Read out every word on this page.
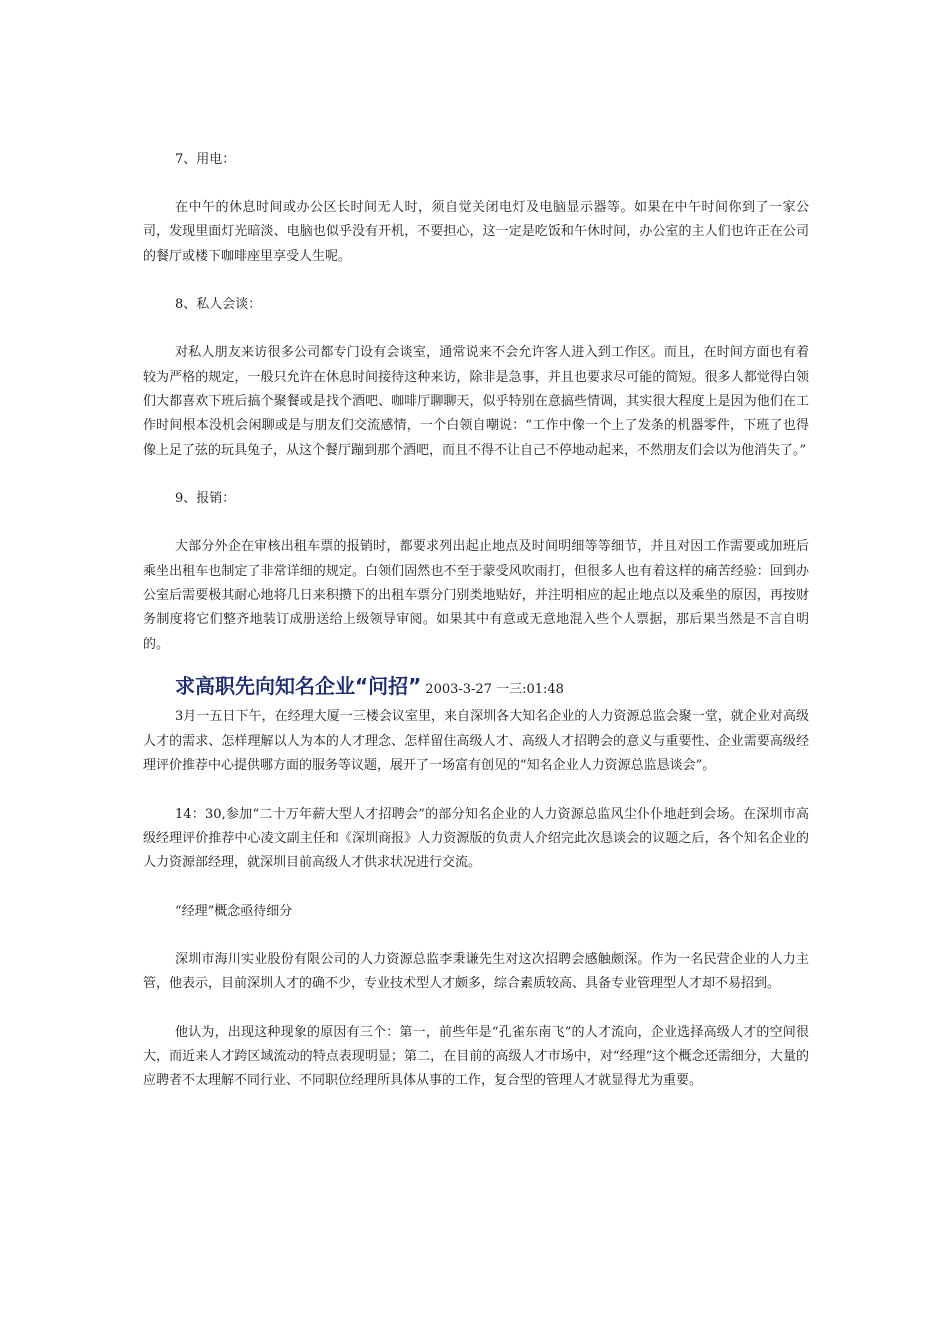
7、用电：

在中午的休息时间或办公区长时间无人时，须自觉关闭电灯及电脑显示器等。如果在中午时间你到了一家公司，发现里面灯光暗淡、电脑也似乎没有开机，不要担心，这一定是吃饭和午休时间，办公室的主人们也许正在公司的餐厅或楼下咖啡座里享受人生呢。

8、私人会谈：

对私人朋友来访很多公司都专门设有会谈室，通常说来不会允许客人进入到工作区。而且，在时间方面也有着较为严格的规定，一般只允许在休息时间接待这种来访，除非是急事，并且也要求尽可能的简短。很多人都觉得白领们大都喜欢下班后搞个聚餐或是找个酒吧、咖啡厅聊聊天，似乎特别在意搞些情调，其实很大程度上是因为他们在工作时间根本没机会闲聊或是与朋友们交流感情，一个白领自嘲说：“工作中像一个上了发条的机器零件，下班了也得像上足了弦的玩具兔子，从这个餐厅蹦到那个酒吧，而且不得不让自己不停地动起来，不然朋友们会以为他消失了。”

9、报销：

大部分外企在审核出租车票的报销时，都要求列出起止地点及时间明细等等细节，并且对因工作需要或加班后乘坐出租车也制定了非常详细的规定。白领们固然也不至于蒙受风吹雨打，但很多人也有着这样的痛苦经验：回到办公室后需要极其耐心地将几日来积攒下的出租车票分门别类地贴好，并注明相应的起止地点以及乘坐的原因，再按财务制度将它们整齐地装订成册送给上级领导审阅。如果其中有意或无意地混入些个人票据，那后果当然是不言自明的。

求高职先向知名企业“问招” 2003-3-27 一三:01:48

3月一五日下午，在经理大厦一三楼会议室里，来自深圳各大知名企业的人力资源总监会聚一堂，就企业对高级人才的需求、怎样理解以人为本的人才理念、怎样留住高级人才、高级人才招聘会的意义与重要性、企业需要高级经理评价推荐中心提供哪方面的服务等议题，展开了一场富有创见的“知名企业人力资源总监恳谈会”。

14：30,参加“二十万年薪大型人才招聘会”的部分知名企业的人力资源总监风尘仆仆地赶到会场。在深圳市高级经理评价推荐中心凌文副主任和《深圳商报》人力资源版的负责人介绍完此次恳谈会的议题之后，各个知名企业的人力资源部经理，就深圳目前高级人才供求状况进行交流。

“经理”概念亟待细分

深圳市海川实业股份有限公司的人力资源总监李秉谦先生对这次招聘会感触颇深。作为一名民营企业的人力主管，他表示，目前深圳人才的确不少，专业技术型人才颇多，综合素质较高、具备专业管理型人才却不易招到。

他认为，出现这种现象的原因有三个：第一，前些年是“孔雀东南飞”的人才流向，企业选择高级人才的空间很大，而近来人才跨区域流动的特点表现明显；第二，在目前的高级人才市场中，对“经理”这个概念还需细分，大量的应聘者不太理解不同行业、不同职位经理所具体从事的工作，复合型的管理人才就显得尤为重要。
